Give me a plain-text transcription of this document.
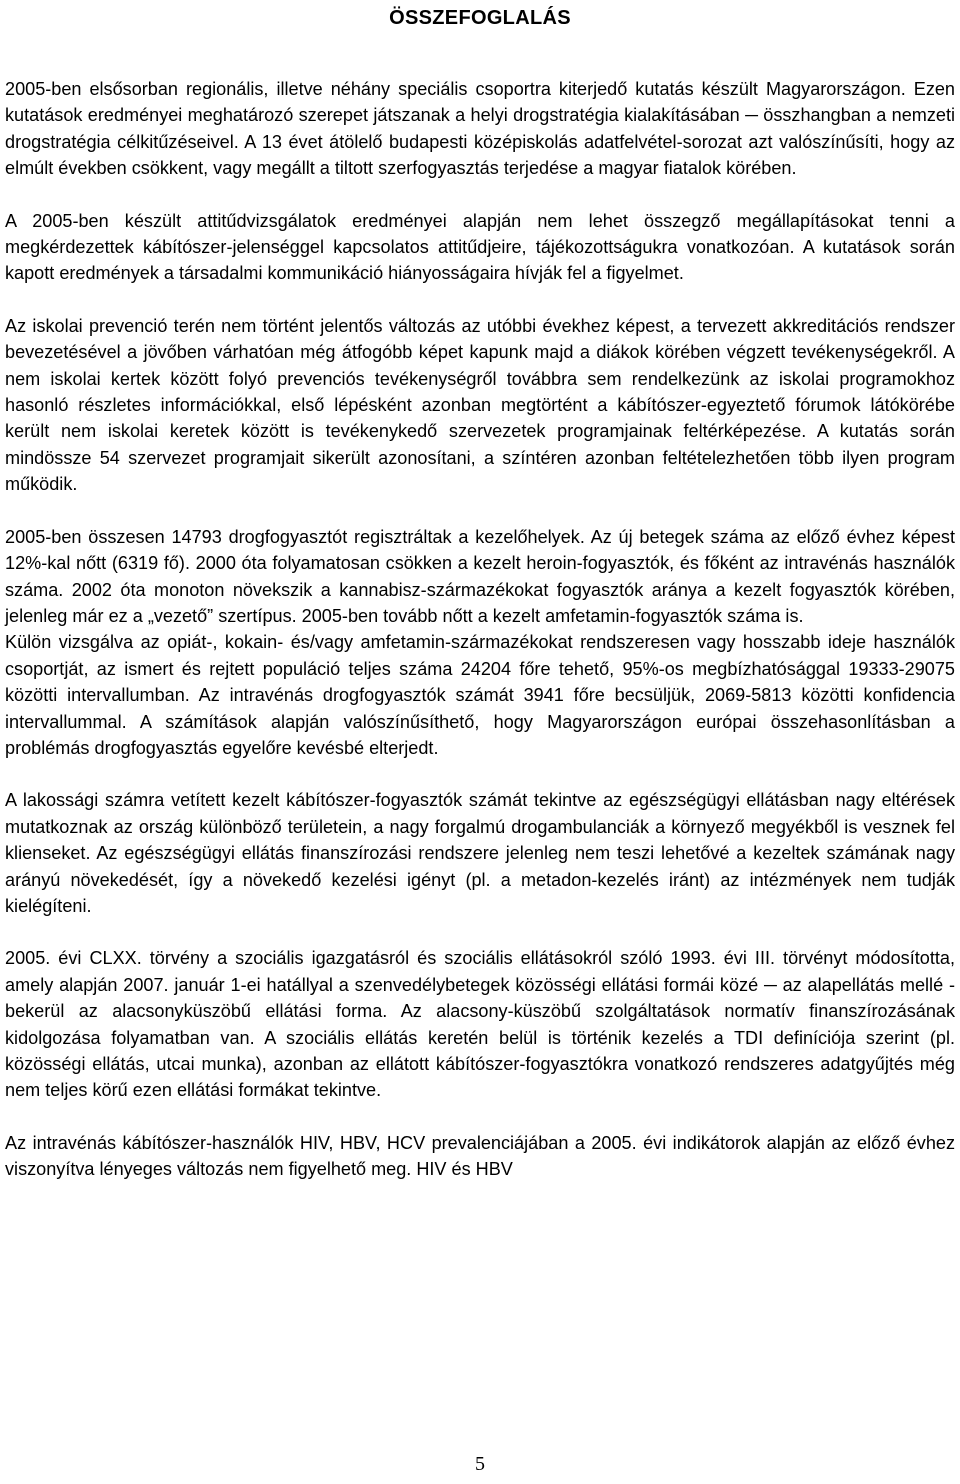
ÖSSZEFOGLALÁS

2005-ben elsősorban regionális, illetve néhány speciális csoportra kiterjedő kutatás készült Magyarországon. Ezen kutatások eredményei meghatározó szerepet játszanak a helyi drogstratégia kialakításában ─ összhangban a nemzeti drogstratégia célkitűzéseivel. A 13 évet átölelő budapesti középiskolás adatfelvétel-sorozat azt valószínűsíti, hogy az elmúlt években csökkent, vagy megállt a tiltott szerfogyasztás terjedése a magyar fiatalok körében.

A 2005-ben készült attitűdvizsgálatok eredményei alapján nem lehet összegző megállapításokat tenni a megkérdezettek kábítószer-jelenséggel kapcsolatos attitűdjeire, tájékozottságukra vonatkozóan. A kutatások során kapott eredmények a társadalmi kommunikáció hiányosságaira hívják fel a figyelmet.

Az iskolai prevenció terén nem történt jelentős változás az utóbbi évekhez képest, a tervezett akkreditációs rendszer bevezetésével a jövőben várhatóan még átfogóbb képet kapunk majd a diákok körében végzett tevékenységekről. A nem iskolai kertek között folyó prevenciós tevékenységről továbbra sem rendelkezünk az iskolai programokhoz hasonló részletes információkkal, első lépésként azonban megtörtént a kábítószer-egyeztető fórumok látókörébe került nem iskolai keretek között is tevékenykedő szervezetek programjainak feltérképezése. A kutatás során mindössze 54 szervezet programjait sikerült azonosítani, a színtéren azonban feltételezhetően több ilyen program működik.

2005-ben összesen 14793 drogfogyasztót regisztráltak a kezelőhelyek. Az új betegek száma az előző évhez képest 12%-kal nőtt (6319 fő). 2000 óta folyamatosan csökken a kezelt heroin-fogyasztók, és főként az intravénás használók száma. 2002 óta monoton növekszik a kannabisz-származékokat fogyasztók aránya a kezelt fogyasztók körében, jelenleg már ez a „vezető” szertípus. 2005-ben tovább nőtt a kezelt amfetamin-fogyasztók száma is.

Külön vizsgálva az opiát-, kokain- és/vagy amfetamin-származékokat rendszeresen vagy hosszabb ideje használók csoportját, az ismert és rejtett populáció teljes száma 24204 főre tehető, 95%-os megbízhatósággal 19333-29075 közötti intervallumban. Az intravénás drogfogyasztók számát 3941 főre becsüljük, 2069-5813 közötti konfidencia intervallummal. A számítások alapján valószínűsíthető, hogy Magyarországon európai összehasonlításban a problémás drogfogyasztás egyelőre kevésbé elterjedt.

A lakossági számra vetített kezelt kábítószer-fogyasztók számát tekintve az egészségügyi ellátásban nagy eltérések mutatkoznak az ország különböző területein, a nagy forgalmú drogambulanciák a környező megyékből is vesznek fel klienseket. Az egészségügyi ellátás finanszírozási rendszere jelenleg nem teszi lehetővé a kezeltek számának nagy arányú növekedését, így a növekedő kezelési igényt (pl. a metadon-kezelés iránt) az intézmények nem tudják kielégíteni.

2005. évi CLXX. törvény a szociális igazgatásról és szociális ellátásokról szóló 1993. évi III. törvényt módosította, amely alapján 2007. január 1-ei hatállyal a szenvedélybetegek közösségi ellátási formái közé ─ az alapellátás mellé - bekerül az alacsonyküszöbű ellátási forma. Az alacsony-küszöbű szolgáltatások normatív finanszírozásának kidolgozása folyamatban van. A szociális ellátás keretén belül is történik kezelés a TDI definíciója szerint (pl. közösségi ellátás, utcai munka), azonban az ellátott kábítószer-fogyasztókra vonatkozó rendszeres adatgyűjtés még nem teljes körű ezen ellátási formákat tekintve.

Az intravénás kábítószer-használók HIV, HBV, HCV prevalenciájában a 2005. évi indikátorok alapján az előző évhez viszonyítva lényeges változás nem figyelhető meg. HIV és HBV

5
